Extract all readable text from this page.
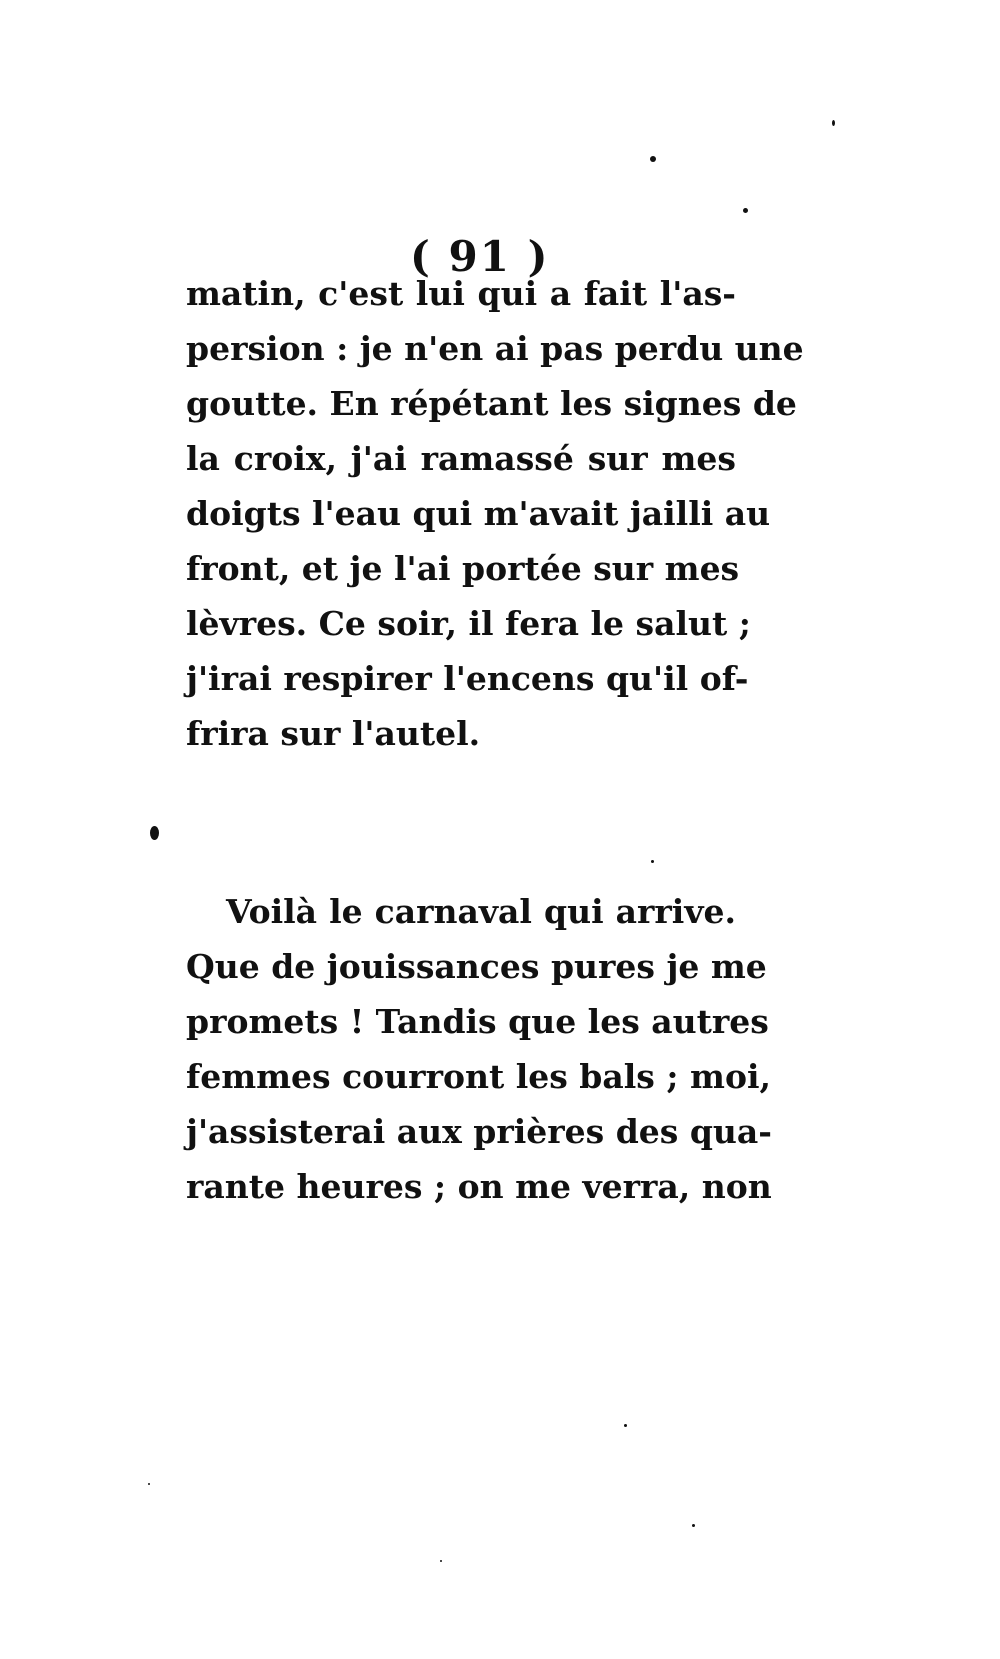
( 91 )
matin, c'est lui qui a fait l'as-
persion : je n'en ai pas perdu une
goutte. En répétant les signes de
la croix, j'ai ramassé sur mes
doigts l'eau qui m'avait jailli au
front, et je l'ai portée sur mes
lèvres. Ce soir, il fera le salut ;
j'irai respirer l'encens qu'il of-
frira sur l'autel.
Voilà le carnaval qui arrive.
Que de jouissances pures je me
promets ! Tandis que les autres
femmes courront les bals ; moi,
j'assisterai aux prières des qua-
rante heures ; on me verra, non
